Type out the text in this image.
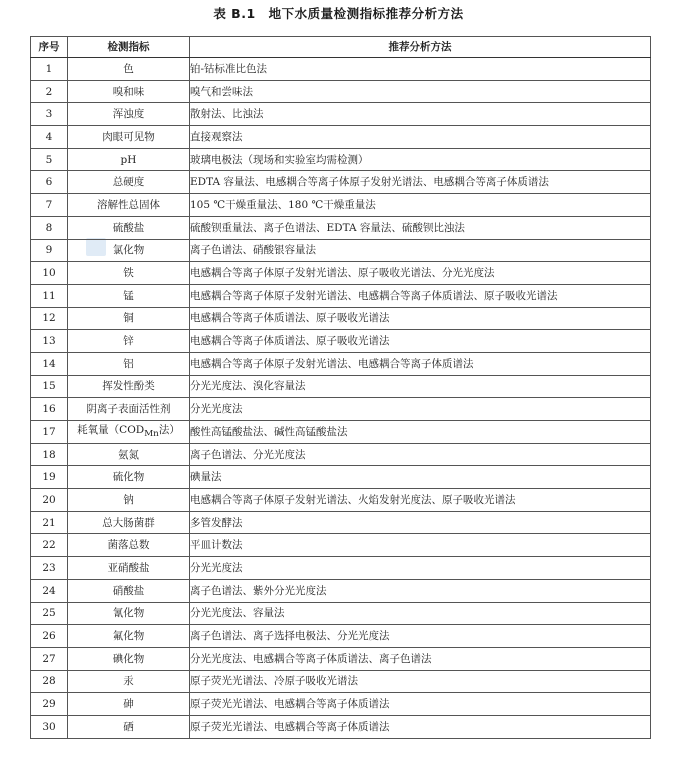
表 B.1　地下水质量检测指标推荐分析方法
序号	检测指标	推荐分析方法
1	色	铂-钴标准比色法
2	嗅和味	嗅气和尝味法
3	浑浊度	散射法、比浊法
4	肉眼可见物	直接观察法
5	pH	玻璃电极法（现场和实验室均需检测）
6	总硬度	EDTA 容量法、电感耦合等离子体原子发射光谱法、电感耦合等离子体质谱法
7	溶解性总固体	105 ℃干燥重量法、180 ℃干燥重量法
8	硫酸盐	硫酸钡重量法、离子色谱法、EDTA 容量法、硫酸钡比浊法
9	氯化物	离子色谱法、硝酸银容量法
10	铁	电感耦合等离子体原子发射光谱法、原子吸收光谱法、分光光度法
11	锰	电感耦合等离子体原子发射光谱法、电感耦合等离子体质谱法、原子吸收光谱法
12	铜	电感耦合等离子体质谱法、原子吸收光谱法
13	锌	电感耦合等离子体质谱法、原子吸收光谱法
14	铝	电感耦合等离子体原子发射光谱法、电感耦合等离子体质谱法
15	挥发性酚类	分光光度法、溴化容量法
16	阴离子表面活性剂	分光光度法
17	耗氧量（$COD_{Mn}$法）	酸性高锰酸盐法、碱性高锰酸盐法
18	氨氮	离子色谱法、分光光度法
19	硫化物	碘量法
20	钠	电感耦合等离子体原子发射光谱法、火焰发射光度法、原子吸收光谱法
21	总大肠菌群	多管发酵法
22	菌落总数	平皿计数法
23	亚硝酸盐	分光光度法
24	硝酸盐	离子色谱法、紫外分光光度法
25	氰化物	分光光度法、容量法
26	氟化物	离子色谱法、离子选择电极法、分光光度法
27	碘化物	分光光度法、电感耦合等离子体质谱法、离子色谱法
28	汞	原子荧光光谱法、冷原子吸收光谱法
29	砷	原子荧光光谱法、电感耦合等离子体质谱法
30	硒	原子荧光光谱法、电感耦合等离子体质谱法
